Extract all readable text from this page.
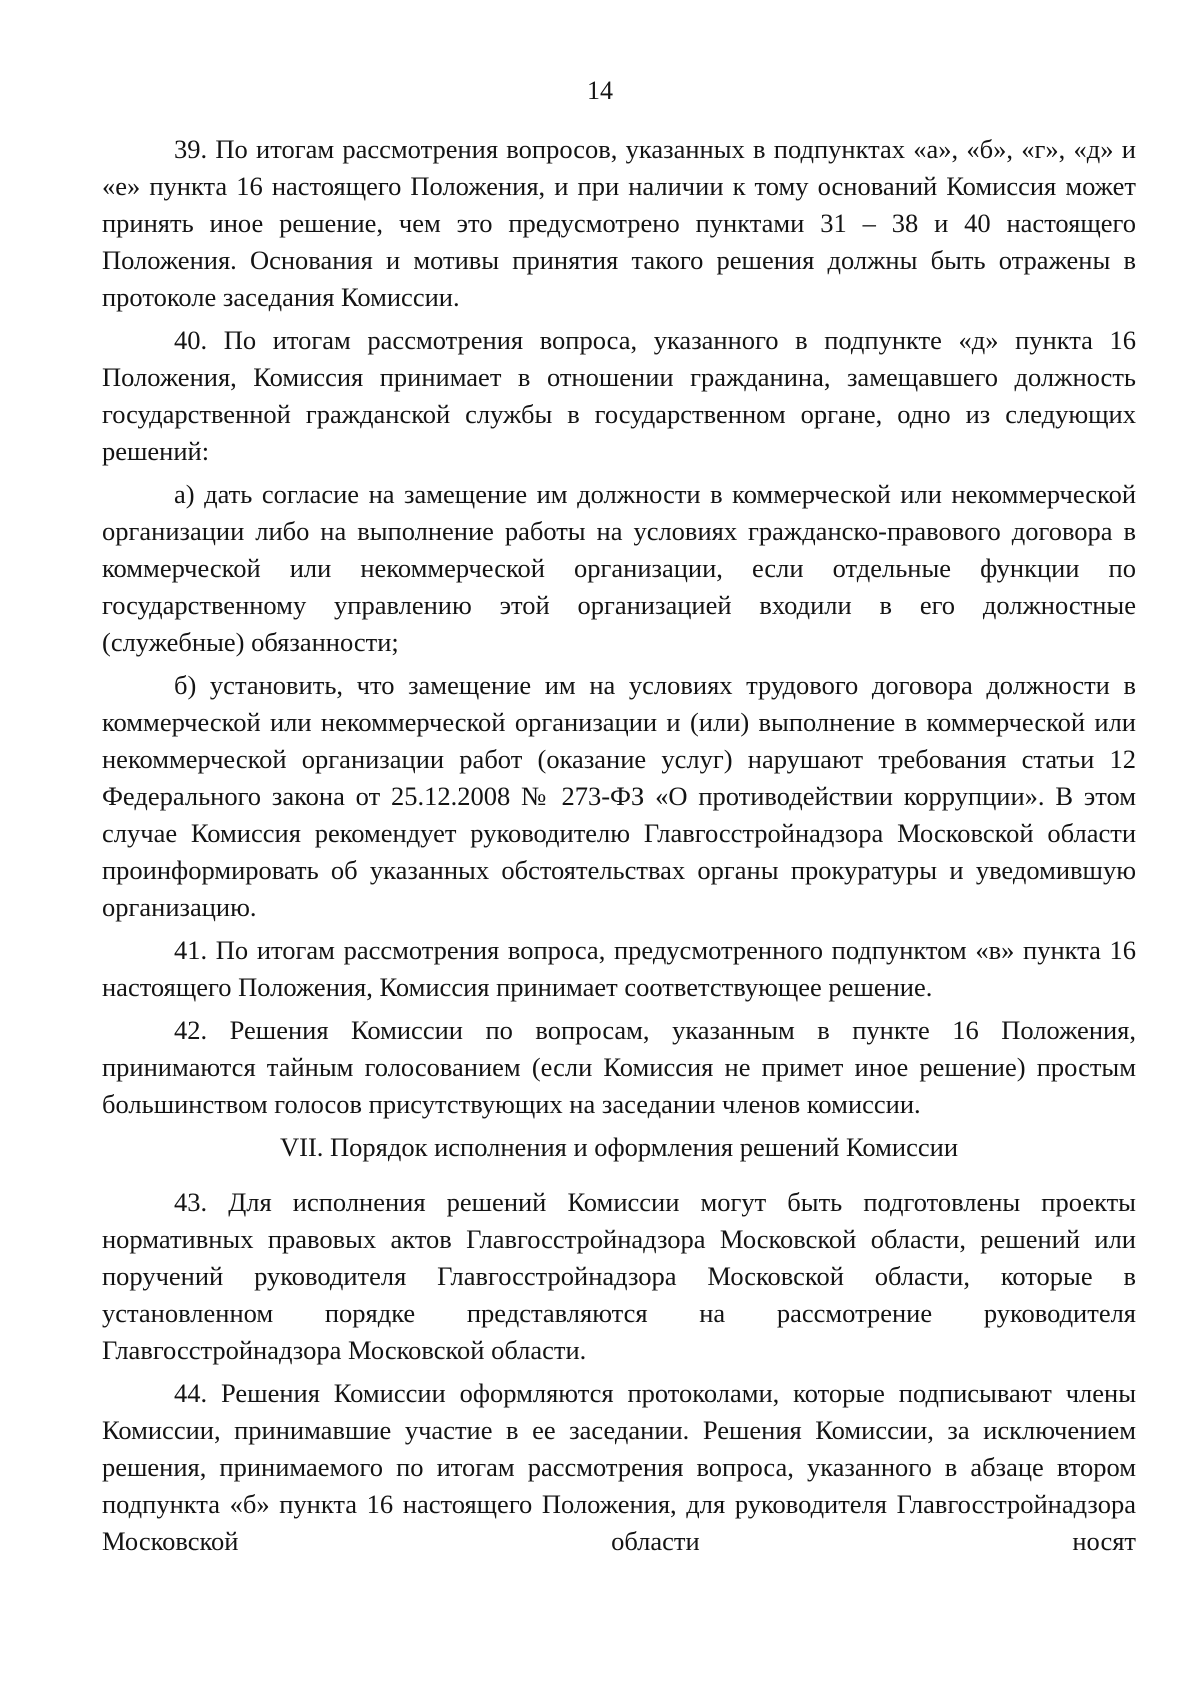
14

39. По итогам рассмотрения вопросов, указанных в подпунктах «а», «б», «г», «д» и «е» пункта 16 настоящего Положения, и при наличии к тому оснований Комиссия может принять иное решение, чем это предусмотрено пунктами 31 – 38 и 40 настоящего Положения. Основания и мотивы принятия такого решения должны быть отражены в протоколе заседания Комиссии.

40. По итогам рассмотрения вопроса, указанного в подпункте «д» пункта 16 Положения, Комиссия принимает в отношении гражданина, замещавшего должность государственной гражданской службы в государственном органе, одно из следующих решений:

а) дать согласие на замещение им должности в коммерческой или некоммерческой организации либо на выполнение работы на условиях гражданско-правового договора в коммерческой или некоммерческой организации, если отдельные функции по государственному управлению этой организацией входили в его должностные (служебные) обязанности;

б) установить, что замещение им на условиях трудового договора должности в коммерческой или некоммерческой организации и (или) выполнение в коммерческой или некоммерческой организации работ (оказание услуг) нарушают требования статьи 12 Федерального закона от 25.12.2008 № 273-ФЗ «О противодействии коррупции». В этом случае Комиссия рекомендует руководителю Главгосстройнадзора Московской области проинформировать об указанных обстоятельствах органы прокуратуры и уведомившую организацию.

41. По итогам рассмотрения вопроса, предусмотренного подпунктом «в» пункта 16 настоящего Положения, Комиссия принимает соответствующее решение.

42. Решения Комиссии по вопросам, указанным в пункте 16 Положения, принимаются тайным голосованием (если Комиссия не примет иное решение) простым большинством голосов присутствующих на заседании членов комиссии.

VII. Порядок исполнения и оформления решений Комиссии

43. Для исполнения решений Комиссии могут быть подготовлены проекты нормативных правовых актов Главгосстройнадзора Московской области, решений или поручений руководителя Главгосстройнадзора Московской области, которые в установленном порядке представляются на рассмотрение руководителя Главгосстройнадзора Московской области.

44. Решения Комиссии оформляются протоколами, которые подписывают члены Комиссии, принимавшие участие в ее заседании. Решения Комиссии, за исключением решения, принимаемого по итогам рассмотрения вопроса, указанного в абзаце втором подпункта «б» пункта 16 настоящего Положения, для руководителя Главгосстройнадзора Московской области носят
